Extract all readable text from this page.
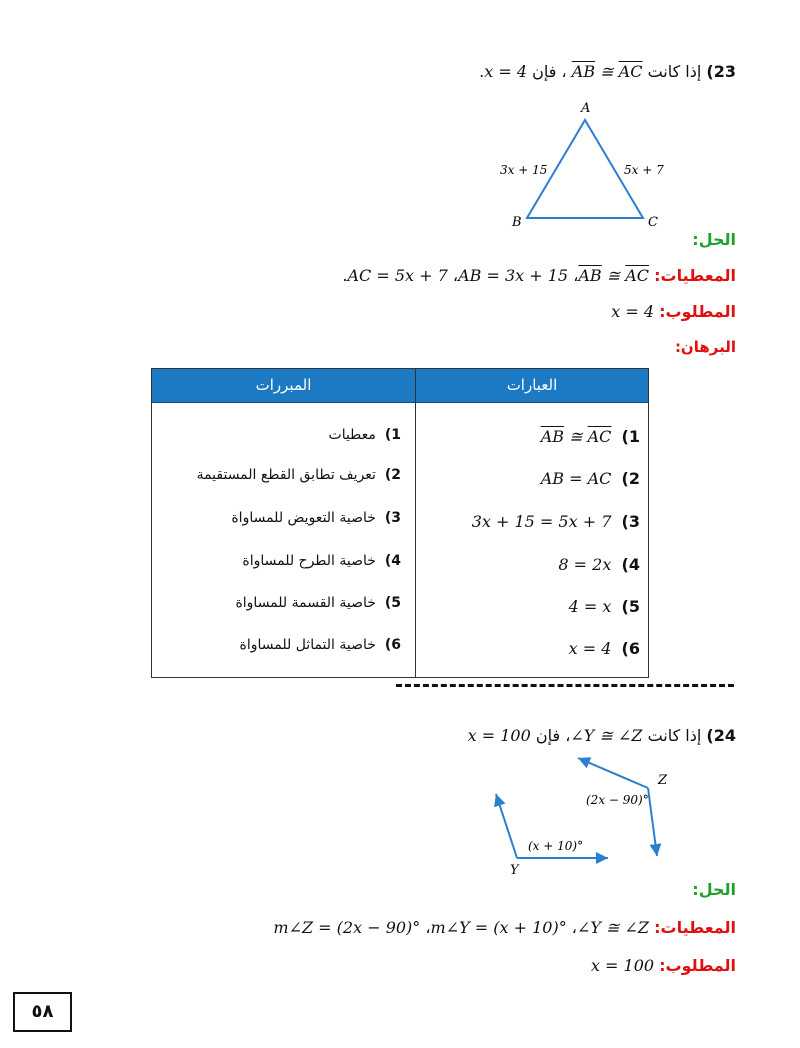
23) إذا كانت $\overline{AB}$ ≅ $\overline{AC}$ ، فإن x = 4.
A
B	C
3x + 15	5x + 7
الحل:
المعطيات: $\overline{AB}$ ≅ $\overline{AC}،$ AB = 3x + 15، AC = 5x + 7.
المطلوب: x = 4
البرهان:
المبررات	العبارات
1)  $\overline{AB}$ ≅ $\overline{AC}$
1)  معطيات
2)  AB = AC
2)  تعريف تطابق القطع المستقيمة
3)  3x + 15 = 5x + 7
3)  خاصية التعويض للمساواة
4)  8 = 2x
4)  خاصية الطرح للمساواة
5)  4 = x
5)  خاصية القسمة للمساواة
6)  x = 4
6)  خاصية التماثل للمساواة
24) إذا كانت ∠Y ≅ ∠Z، فإن x = 100
Z
(2x − 90)°
Y
(x + 10)°
الحل:
المعطيات: ∠Y ≅ ∠Z، m∠Y = (x + 10)°، m∠Z = (2x − 90)°
المطلوب: x = 100
٥٨
